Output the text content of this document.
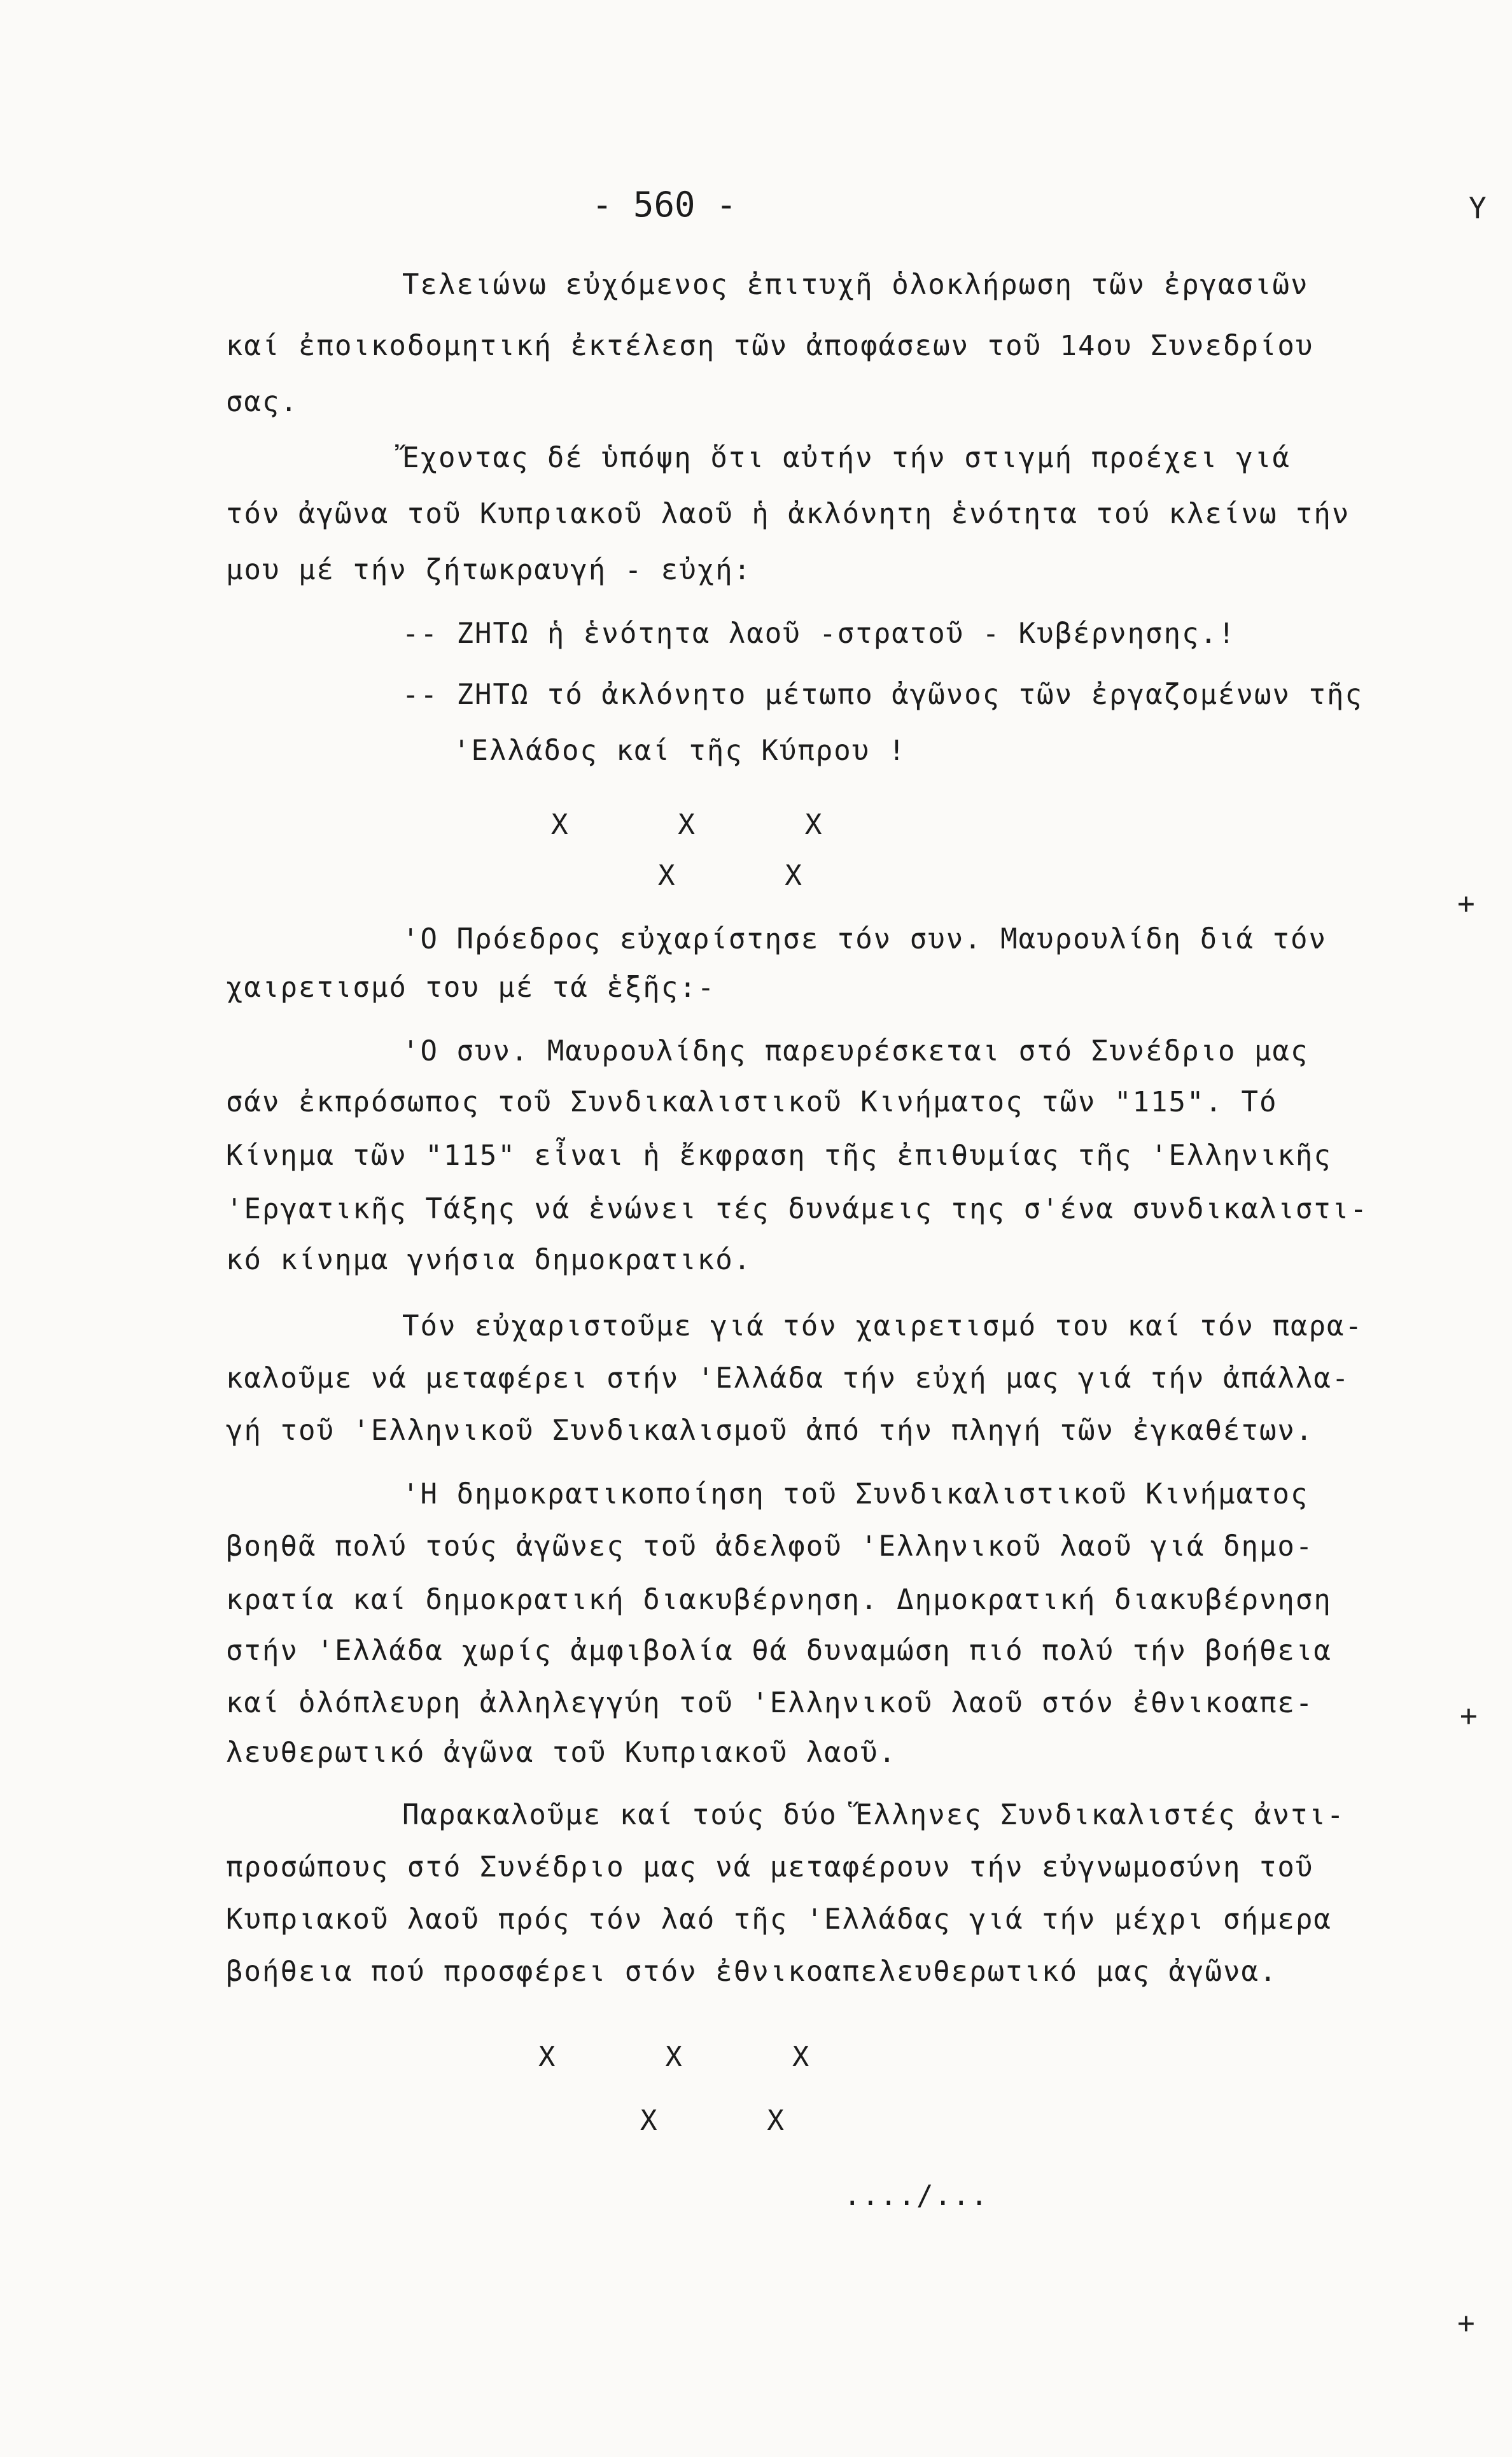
- 560 -	Y
+
+
+
Τελειώνω εὐχόμενος ἐπιτυχῆ ὁλοκλήρωση τῶν ἐργασιῶν
καί ἐποικοδομητική ἐκτέλεση τῶν ἀποφάσεων τοῦ 14ου Συνεδρίου
σας.
Ἔχοντας δέ ὑπόψη ὅτι αὐτήν τήν στιγμή προέχει γιά
τόν ἀγῶνα τοῦ Κυπριακοῦ λαοῦ ἡ ἀκλόνητη ἑνότητα τού κλείνω τήν
μου μέ τήν ζήτωκραυγή - εὐχή:
-- ΖΗΤΩ ἡ ἑνότητα λαοῦ -στρατοῦ - Κυβέρνησης.!
-- ΖΗΤΩ τό ἀκλόνητο μέτωπο ἀγῶνος τῶν ἐργαζομένων τῆς
'Ελλάδος καί τῆς Κύπρου !
X      X      X
X      X
'Ο Πρόεδρος εὐχαρίστησε τόν συν. Μαυρουλίδη διά τόν
χαιρετισμό του μέ τά ἑξῆς:-
'Ο συν. Μαυρουλίδης παρευρέσκεται στό Συνέδριο μας
σάν ἐκπρόσωπος τοῦ Συνδικαλιστικοῦ Κινήματος τῶν "115". Τό
Κίνημα τῶν "115" εἶναι ἡ ἔκφραση τῆς ἐπιθυμίας τῆς 'Ελληνικῆς
'Εργατικῆς Τάξης νά ἑνώνει τές δυνάμεις της σ'ένα συνδικαλιστι-
κό κίνημα γνήσια δημοκρατικό.
Τόν εὐχαριστοῦμε γιά τόν χαιρετισμό του καί τόν παρα-
καλοῦμε νά μεταφέρει στήν 'Ελλάδα τήν εὐχή μας γιά τήν ἀπάλλα-
γή τοῦ 'Ελληνικοῦ Συνδικαλισμοῦ ἀπό τήν πληγή τῶν ἐγκαθέτων.
'Η δημοκρατικοποίηση τοῦ Συνδικαλιστικοῦ Κινήματος
βοηθᾶ πολύ τούς ἀγῶνες τοῦ ἀδελφοῦ 'Ελληνικοῦ λαοῦ γιά δημο-
κρατία καί δημοκρατική διακυβέρνηση. Δημοκρατική διακυβέρνηση
στήν 'Ελλάδα χωρίς ἀμφιβολία θά δυναμώση πιό πολύ τήν βοήθεια
καί ὁλόπλευρη ἀλληλεγγύη τοῦ 'Ελληνικοῦ λαοῦ στόν ἐθνικοαπε-
λευθερωτικό ἀγῶνα τοῦ Κυπριακοῦ λαοῦ.
Παρακαλοῦμε καί τούς δύο Ἕλληνες Συνδικαλιστές ἀντι-
προσώπους στό Συνέδριο μας νά μεταφέρουν τήν εὐγνωμοσύνη τοῦ
Κυπριακοῦ λαοῦ πρός τόν λαό τῆς 'Ελλάδας γιά τήν μέχρι σήμερα
βοήθεια πού προσφέρει στόν ἐθνικοαπελευθερωτικό μας ἀγῶνα.
X      X      X
X      X
..../...
